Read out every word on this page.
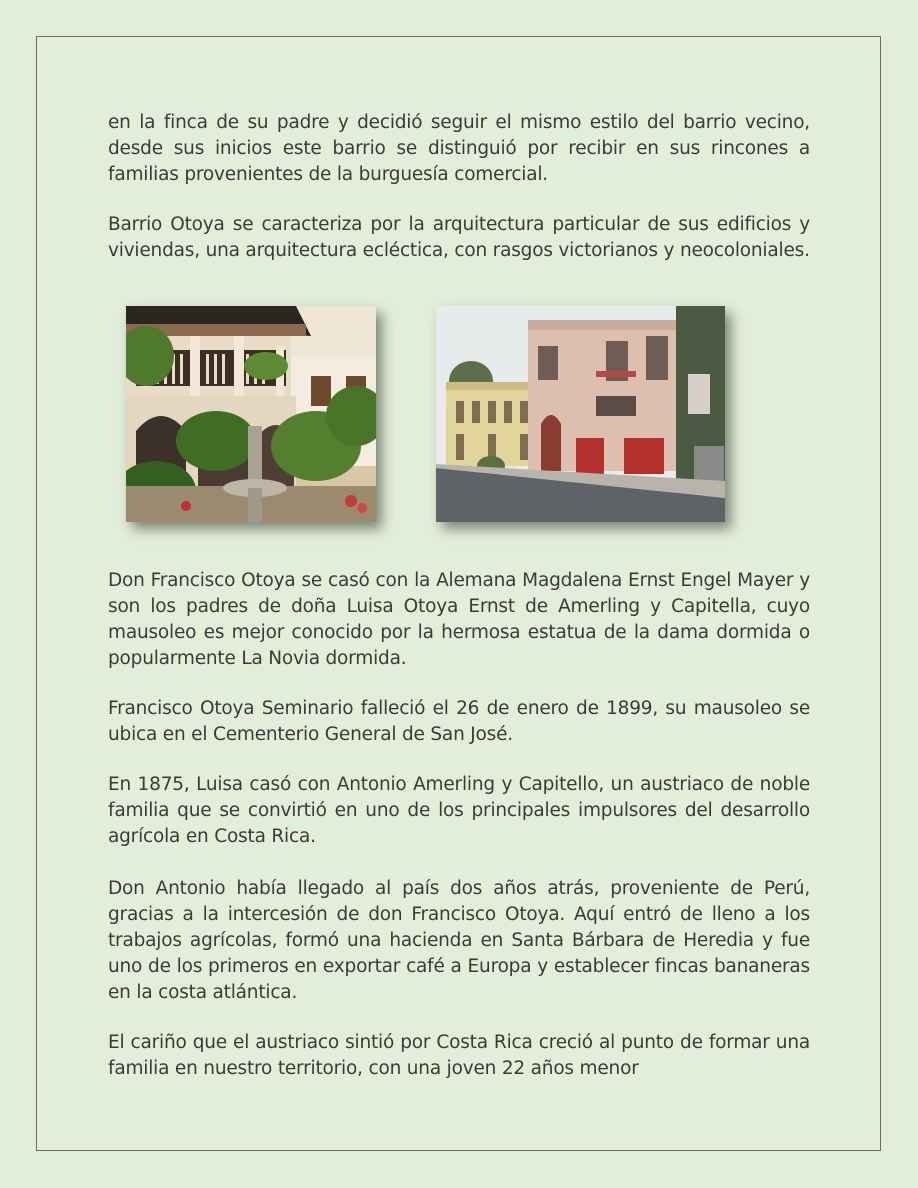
en la finca de su padre y decidió seguir el mismo estilo del barrio vecino, desde sus inicios este barrio se distinguió por recibir en sus rincones a familias provenientes de la burguesía comercial.

Barrio Otoya se caracteriza por la arquitectura particular de sus edificios y viviendas, una arquitectura ecléctica, con rasgos victorianos y neocoloniales.

Don Francisco Otoya se casó con la Alemana Magdalena Ernst Engel Mayer y son los padres de doña Luisa Otoya Ernst de Amerling y Capitella, cuyo mausoleo es mejor conocido por la hermosa estatua de la dama dormida o popularmente La Novia dormida.

Francisco Otoya Seminario falleció el 26 de enero de 1899, su mausoleo se ubica en el Cementerio General de San José.

En 1875, Luisa casó con Antonio Amerling y Capitello, un austriaco de noble familia que se convirtió en uno de los principales impulsores del desarrollo agrícola en Costa Rica.

Don Antonio había llegado al país dos años atrás, proveniente de Perú, gracias a la intercesión de don Francisco Otoya. Aquí entró de lleno a los trabajos agrícolas, formó una hacienda en Santa Bárbara de Heredia y fue uno de los primeros en exportar café a Europa y establecer fincas bananeras en la costa atlántica.

El cariño que el austriaco sintió por Costa Rica creció al punto de formar una familia en nuestro territorio, con una joven 22 años menor
